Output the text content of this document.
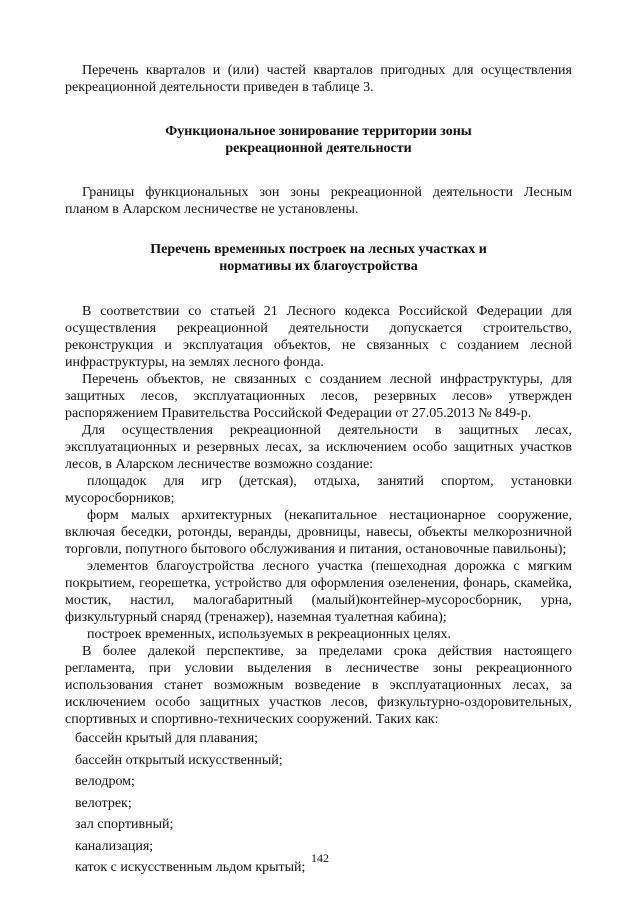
Перечень кварталов и (или) частей кварталов пригодных для осуществления рекреационной деятельности приведен в таблице 3.

Функциональное зонирование территории зоны
рекреационной деятельности

Границы функциональных зон зоны рекреационной деятельности Лесным планом в Аларском лесничестве не установлены.

Перечень временных построек на лесных участках и
нормативы их благоустройства

В соответствии со статьей 21 Лесного кодекса Российской Федерации для осуществления рекреационной деятельности допускается строительство, реконструкция и эксплуатация объектов, не связанных с созданием лесной инфраструктуры, на землях лесного фонда.

Перечень объектов, не связанных с созданием лесной инфраструктуры, для защитных лесов, эксплуатационных лесов, резервных лесов» утвержден распоряжением Правительства Российской Федерации от 27.05.2013 № 849-р.

Для осуществления рекреационной деятельности в защитных лесах, эксплуатационных и резервных лесах, за исключением особо защитных участков лесов, в Аларском лесничестве возможно создание:

площадок для игр (детская), отдыха, занятий спортом, установки мусоросборников;

форм малых архитектурных (некапитальное нестационарное сооружение, включая беседки, ротонды, веранды, дровницы, навесы, объекты мелкорозничной торговли, попутного бытового обслуживания и питания, остановочные павильоны);

элементов благоустройства лесного участка (пешеходная дорожка с мягким покрытием, георешетка, устройство для оформления озеленения, фонарь, скамейка, мостик, настил, малогабаритный (малый)контейнер-мусоросборник, урна, физкультурный снаряд (тренажер), наземная туалетная кабина);

построек временных, используемых в рекреационных целях.

В более далекой перспективе, за пределами срока действия настоящего регламента, при условии выделения в лесничестве зоны рекреационного использования станет возможным возведение в эксплуатационных лесах, за исключением особо защитных участков лесов, физкультурно-оздоровительных, спортивных и спортивно-технических сооружений. Таких как:

бассейн крытый для плавания;
бассейн открытый искусственный;
велодром;
велотрек;
зал спортивный;
канализация;
каток с искусственным льдом крытый;
142
